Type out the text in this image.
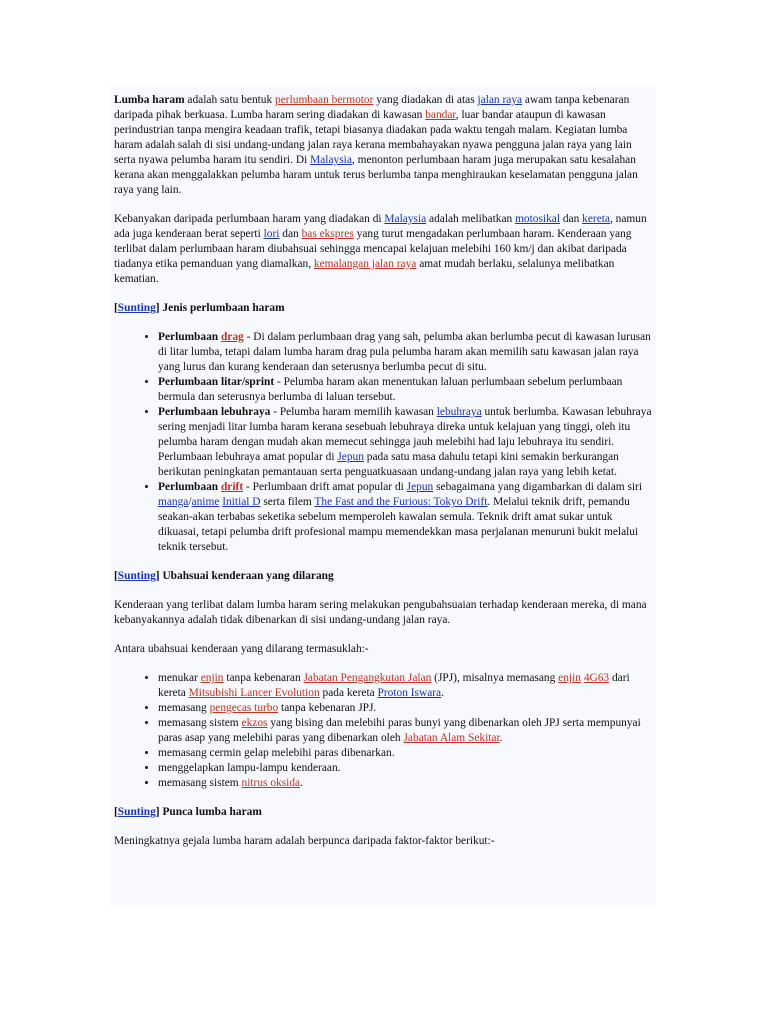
Lumba haram adalah satu bentuk perlumbaan bermotor yang diadakan di atas jalan raya awam tanpa kebenaran daripada pihak berkuasa. Lumba haram sering diadakan di kawasan bandar, luar bandar ataupun di kawasan perindustrian tanpa mengira keadaan trafik, tetapi biasanya diadakan pada waktu tengah malam. Kegiatan lumba haram adalah salah di sisi undang-undang jalan raya kerana membahayakan nyawa pengguna jalan raya yang lain serta nyawa pelumba haram itu sendiri. Di Malaysia, menonton perlumbaan haram juga merupakan satu kesalahan kerana akan menggalakkan pelumba haram untuk terus berlumba tanpa menghiraukan keselamatan pengguna jalan raya yang lain.

Kebanyakan daripada perlumbaan haram yang diadakan di Malaysia adalah melibatkan motosikal dan kereta, namun ada juga kenderaan berat seperti lori dan bas ekspres yang turut mengadakan perlumbaan haram. Kenderaan yang terlibat dalam perlumbaan haram diubahsuai sehingga mencapai kelajuan melebihi 160 km/j dan akibat daripada tiadanya etika pemanduan yang diamalkan, kemalangan jalan raya amat mudah berlaku, selalunya melibatkan kematian.

[Sunting] Jenis perlumbaan haram
• Perlumbaan drag - Di dalam perlumbaan drag yang sah, pelumba akan berlumba pecut di kawasan lurusan di litar lumba, tetapi dalam lumba haram drag pula pelumba haram akan memilih satu kawasan jalan raya yang lurus dan kurang kenderaan dan seterusnya berlumba pecut di situ.
• Perlumbaan litar/sprint - Pelumba haram akan menentukan laluan perlumbaan sebelum perlumbaan bermula dan seterusnya berlumba di laluan tersebut.
• Perlumbaan lebuhraya - Pelumba haram memilih kawasan lebuhraya untuk berlumba. Kawasan lebuhraya sering menjadi litar lumba haram kerana sesebuah lebuhraya direka untuk kelajuan yang tinggi, oleh itu pelumba haram dengan mudah akan memecut sehingga jauh melebihi had laju lebuhraya itu sendiri. Perlumbaan lebuhraya amat popular di Jepun pada satu masa dahulu tetapi kini semakin berkurangan berikutan peningkatan pemantauan serta penguatkuasaan undang-undang jalan raya yang lebih ketat.
• Perlumbaan drift - Perlumbaan drift amat popular di Jepun sebagaimana yang digambarkan di dalam siri manga/anime Initial D serta filem The Fast and the Furious: Tokyo Drift. Melalui teknik drift, pemandu seakan-akan terbabas seketika sebelum memperoleh kawalan semula. Teknik drift amat sukar untuk dikuasai, tetapi pelumba drift profesional mampu memendekkan masa perjalanan menuruni bukit melalui teknik tersebut.
[Sunting] Ubahsuai kenderaan yang dilarang

Kenderaan yang terlibat dalam lumba haram sering melakukan pengubahsuaian terhadap kenderaan mereka, di mana kebanyakannya adalah tidak dibenarkan di sisi undang-undang jalan raya.

Antara ubahsuai kenderaan yang dilarang termasuklah:-

• menukar enjin tanpa kebenaran Jabatan Pengangkutan Jalan (JPJ), misalnya memasang enjin 4G63 dari kereta Mitsubishi Lancer Evolution pada kereta Proton Iswara.
• memasang pengecas turbo tanpa kebenaran JPJ.
• memasang sistem ekzos yang bising dan melebihi paras bunyi yang dibenarkan oleh JPJ serta mempunyai paras asap yang melebihi paras yang dibenarkan oleh Jabatan Alam Sekitar.
• memasang cermin gelap melebihi paras dibenarkan.
• menggelapkan lampu-lampu kenderaan.
• memasang sistem nitrus oksida.
[Sunting] Punca lumba haram

Meningkatnya gejala lumba haram adalah berpunca daripada faktor-faktor berikut:-
